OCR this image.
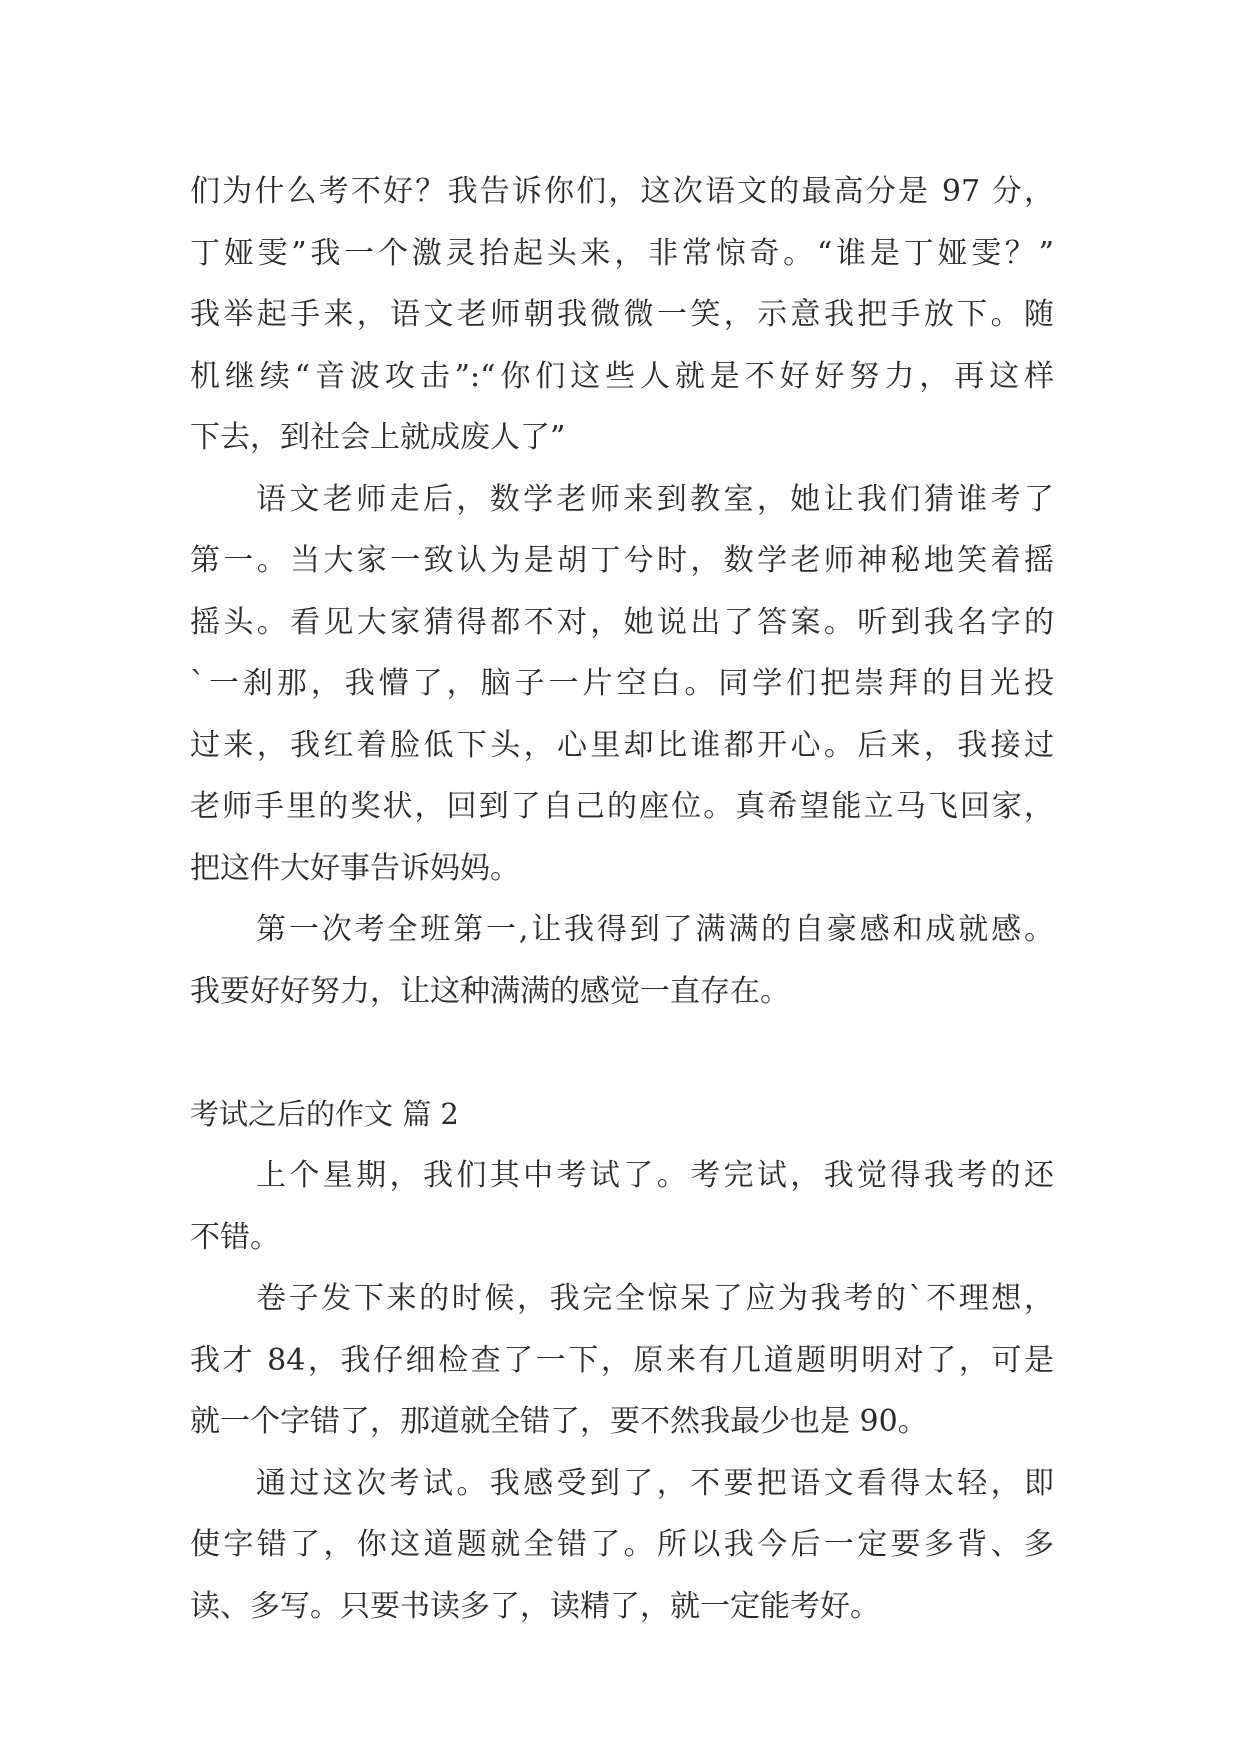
们为什么考不好？我告诉你们，这次语文的最高分是 97 分，
丁娅雯”我一个激灵抬起头来，非常惊奇。“谁是丁娅雯？”
我举起手来，语文老师朝我微微一笑，示意我把手放下。随
机继续“音波攻击”:“你们这些人就是不好好努力，再这样
下去，到社会上就成废人了”
语文老师走后，数学老师来到教室，她让我们猜谁考了
第一。当大家一致认为是胡丁兮时，数学老师神秘地笑着摇
摇头。看见大家猜得都不对，她说出了答案。听到我名字的
`一刹那，我懵了，脑子一片空白。同学们把崇拜的目光投
过来，我红着脸低下头，心里却比谁都开心。后来，我接过
老师手里的奖状，回到了自己的座位。真希望能立马飞回家，
把这件大好事告诉妈妈。
第一次考全班第一,让我得到了满满的自豪感和成就感。
我要好好努力，让这种满满的感觉一直存在。
考试之后的作文 篇 2
上个星期，我们其中考试了。考完试，我觉得我考的还
不错。
卷子发下来的时候，我完全惊呆了应为我考的`不理想，
我才 84，我仔细检查了一下，原来有几道题明明对了，可是
就一个字错了，那道就全错了，要不然我最少也是 90。
通过这次考试。我感受到了，不要把语文看得太轻，即
使字错了，你这道题就全错了。所以我今后一定要多背、多
读、多写。只要书读多了，读精了，就一定能考好。
